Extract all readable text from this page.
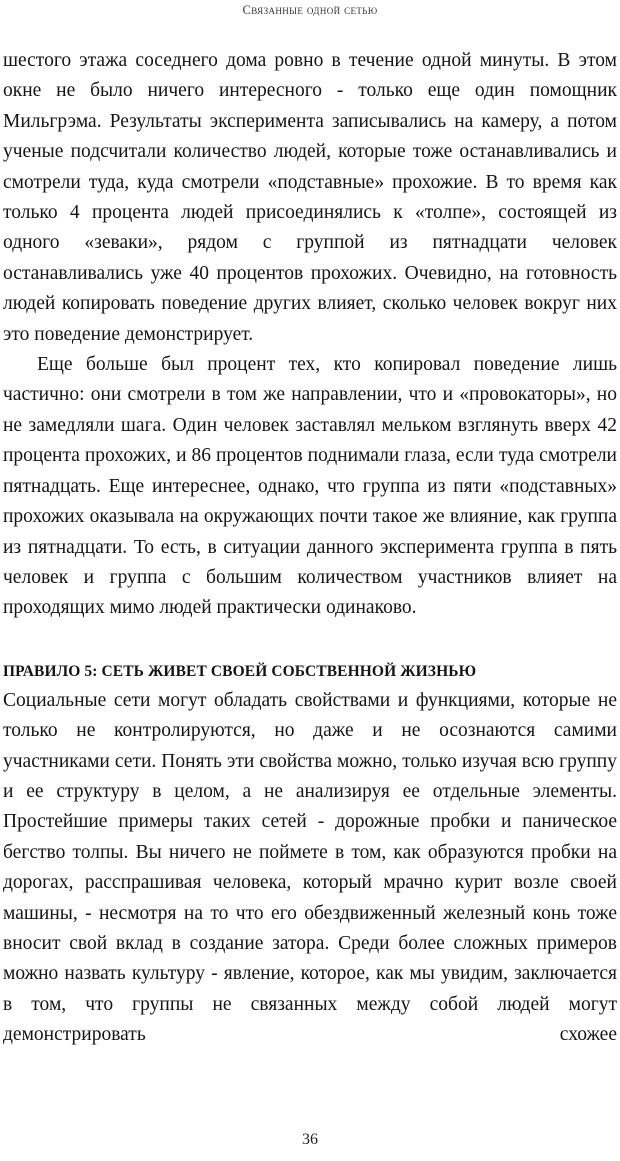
Связанные одной сетью

шестого этажа соседнего дома ровно в течение одной минуты. В этом окне не было ничего интересного - только еще один помощник Мильгрэма. Результаты эксперимента записывались на камеру, а потом ученые подсчитали количество людей, которые тоже останавливались и смотрели туда, куда смотрели «подставные» прохожие. В то время как только 4 процента людей присоединялись к «толпе», состоящей из одного «зеваки», рядом с группой из пятнадцати человек останавливались уже 40 процентов прохожих. Очевидно, на готовность людей копировать поведение других влияет, сколько человек вокруг них это поведение демонстрирует.

Еще больше был процент тех, кто копировал поведение лишь частично: они смотрели в том же направлении, что и «провокаторы», но не замедляли шага. Один человек заставлял мельком взглянуть вверх 42 процента прохожих, и 86 процентов поднимали глаза, если туда смотрели пятнадцать. Еще интереснее, однако, что группа из пяти «подставных» прохожих оказывала на окружающих почти такое же влияние, как группа из пятнадцати. То есть, в ситуации данного эксперимента группа в пять человек и группа с большим количеством участников влияет на проходящих мимо людей практически одинаково.

ПРАВИЛО 5: СЕТЬ ЖИВЕТ СВОЕЙ СОБСТВЕННОЙ ЖИЗНЬЮ

Социальные сети могут обладать свойствами и функциями, которые не только не контролируются, но даже и не осознаются самими участниками сети. Понять эти свойства можно, только изучая всю группу и ее структуру в целом, а не анализируя ее отдельные элементы. Простейшие примеры таких сетей - дорожные пробки и паническое бегство толпы. Вы ничего не поймете в том, как образуются пробки на дорогах, расспрашивая человека, который мрачно курит возле своей машины, - несмотря на то что его обездвиженный железный конь тоже вносит свой вклад в создание затора. Среди более сложных примеров можно назвать культуру - явление, которое, как мы увидим, заключается в том, что группы не связанных между собой людей могут демонстрировать схожее

36
